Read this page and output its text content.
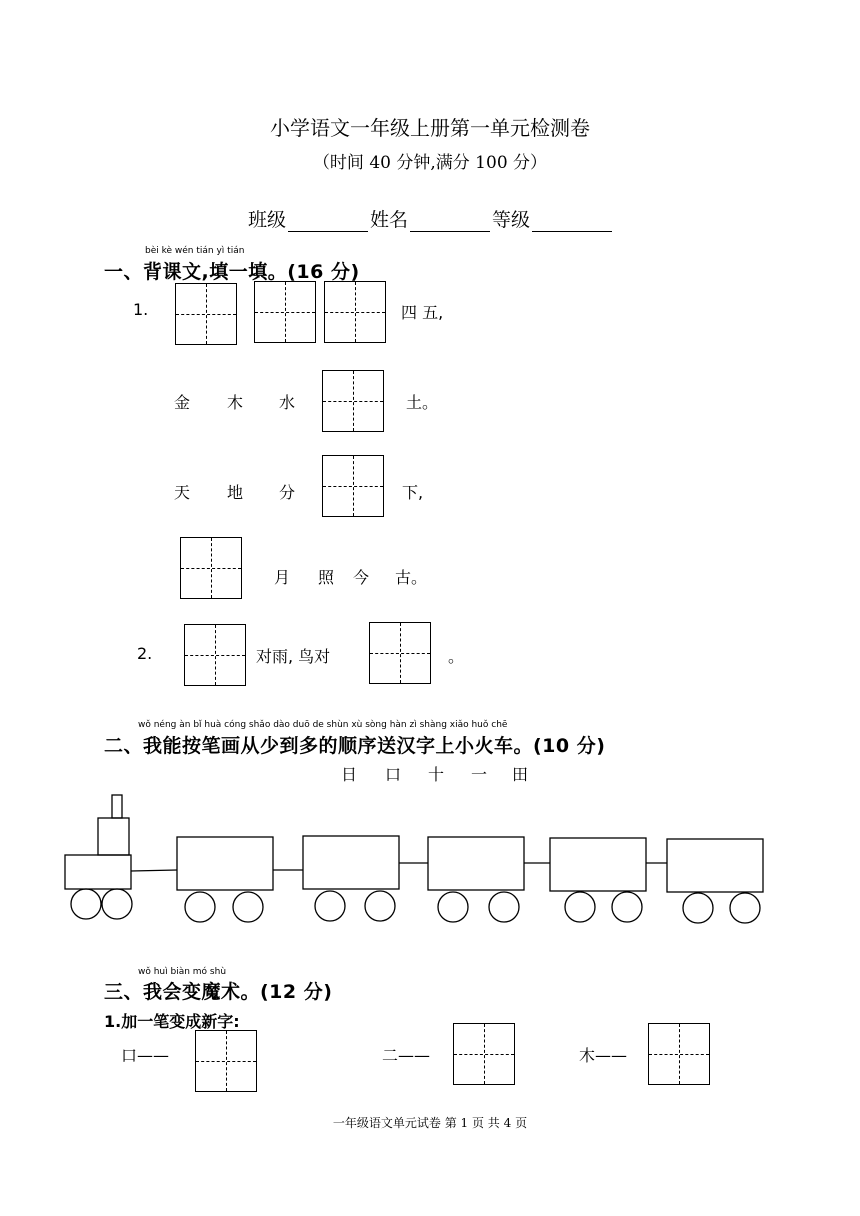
小学语文一年级上册第一单元检测卷
（时间 40 分钟,满分 100 分）
班级	姓名	等级
bèi kè wén tián yì tián
一、背课文,填一填。(16 分)
1.	四 五,
金 木 水	土。
天 地 分	下,
月 照 今 古。
2.	对雨, 鸟对	。
wǒ néng àn bǐ huà cóng shǎo dào duō de shùn xù sòng hàn zì shàng xiǎo huǒ chē
二、我能按笔画从少到多的顺序送汉字上小火车。(10 分)
日 口 十 一 田
wǒ huì biàn mó shù
三、我会变魔术。(12 分)
1.加一笔变成新字:
口——	二——	木——
一年级语文单元试卷 第 1 页 共 4 页
